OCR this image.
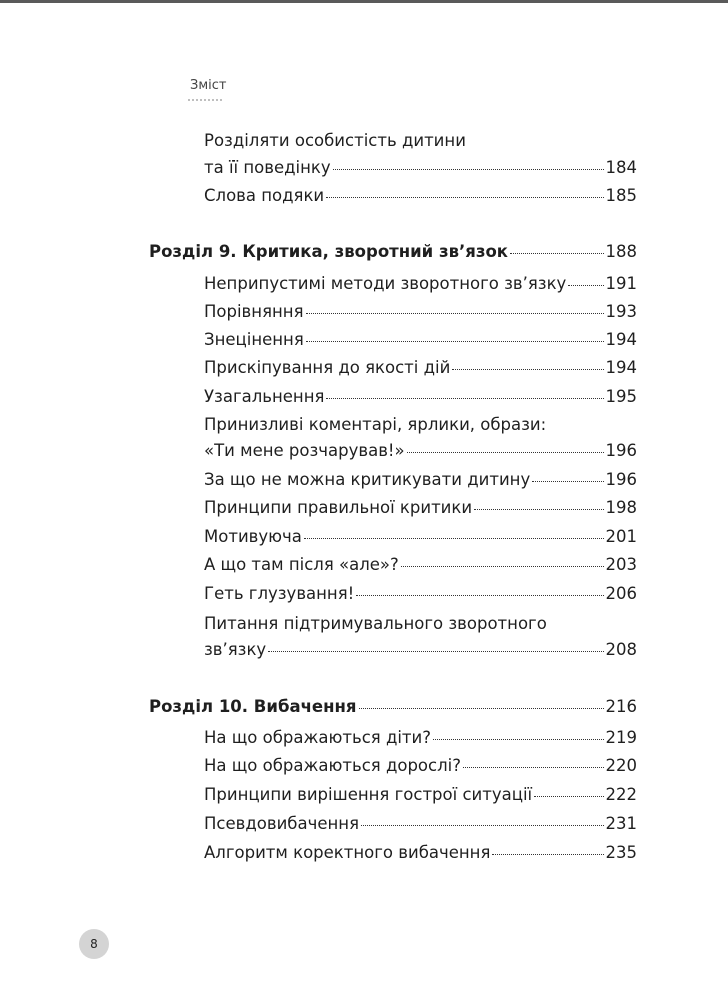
Зміст
Розділяти особистість дитини
та її поведінку	184
Слова подяки	185
Розділ 9. Критика, зворотний зв’язок	188
Неприпустимі методи зворотного зв’язку 191
Порівняння	193
Знецінення	194
Прискіпування до якості дій	194
Узагальнення	195
Принизливі коментарі, ярлики, образи:
«Ти мене розчарував!»	196
За що не можна критикувати дитину	196
Принципи правильної критики	198
Мотивуюча	201
А що там після «але»?	203
Геть глузування!	206
Питання підтримувального зворотного
зв’язку	208
Розділ 10. Вибачення	216
На що ображаються діти?	219
На що ображаються дорослі?	220
Принципи вирішення гострої ситуації	222
Псевдовибачення	231
Алгоритм коректного вибачення	235
8
